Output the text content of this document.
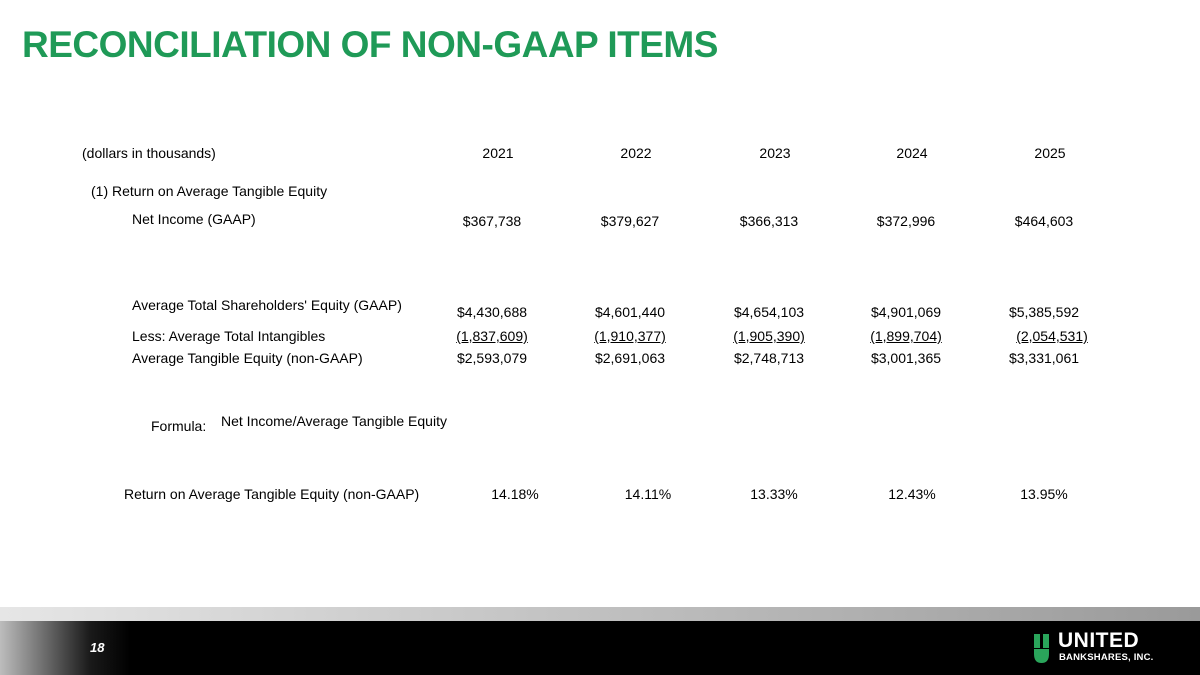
RECONCILIATION OF NON-GAAP ITEMS
(dollars in thousands)	2021	2022	2023	2024	2025
(1) Return on Average Tangible Equity
Net Income (GAAP)	$367,738	$379,627	$366,313	$372,996	$464,603
Average Total Shareholders' Equity (GAAP)	$4,430,688	$4,601,440	$4,654,103	$4,901,069	$5,385,592
Less: Average Total Intangibles	(1,837,609)	(1,910,377)	(1,905,390)	(1,899,704)	(2,054,531)
Average Tangible Equity (non-GAAP)	$2,593,079	$2,691,063	$2,748,713	$3,001,365	$3,331,061
Formula: Net Income/Average Tangible Equity
Return on Average Tangible Equity (non-GAAP)	14.18%	14.11%	13.33%	12.43%	13.95%
18	UNITED
BANKSHARES, INC.
